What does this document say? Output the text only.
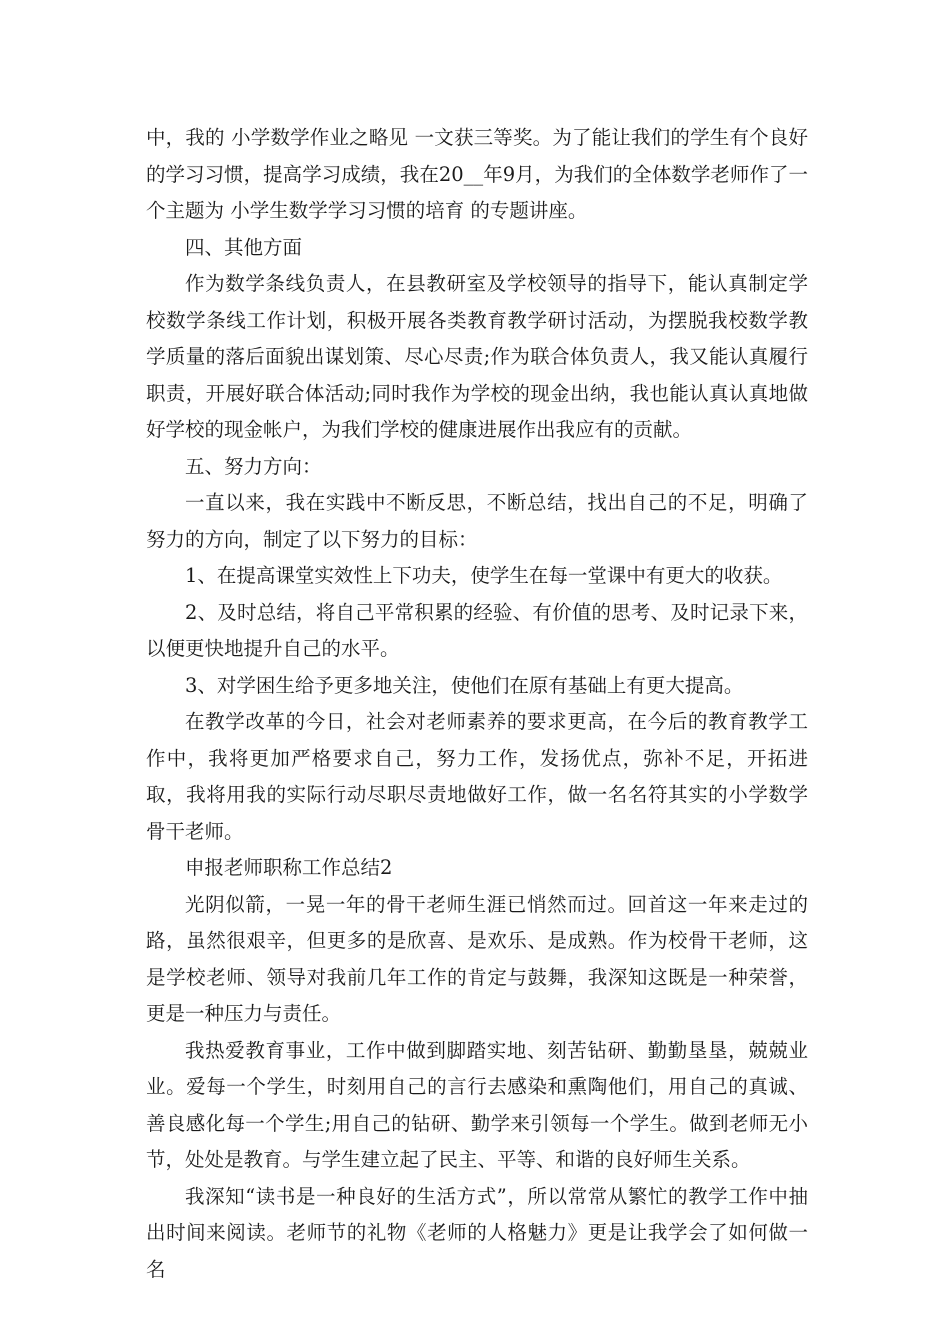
中，我的 小学数学作业之略见 一文获三等奖。为了能让我们的学生有个良好的学习习惯，提高学习成绩，我在20__年9月，为我们的全体数学老师作了一个主题为 小学生数学学习习惯的培育 的专题讲座。

四、其他方面

作为数学条线负责人，在县教研室及学校领导的指导下，能认真制定学校数学条线工作计划，积极开展各类教育教学研讨活动，为摆脱我校数学教学质量的落后面貌出谋划策、尽心尽责;作为联合体负责人，我又能认真履行职责，开展好联合体活动;同时我作为学校的现金出纳，我也能认真认真地做好学校的现金帐户，为我们学校的健康进展作出我应有的贡献。

五、努力方向：

一直以来，我在实践中不断反思，不断总结，找出自己的不足，明确了努力的方向，制定了以下努力的目标：

1、在提高课堂实效性上下功夫，使学生在每一堂课中有更大的收获。

2、及时总结，将自己平常积累的经验、有价值的思考、及时记录下来，以便更快地提升自己的水平。

3、对学困生给予更多地关注，使他们在原有基础上有更大提高。

在教学改革的今日，社会对老师素养的要求更高，在今后的教育教学工作中，我将更加严格要求自己，努力工作，发扬优点，弥补不足，开拓进取，我将用我的实际行动尽职尽责地做好工作，做一名名符其实的小学数学骨干老师。

申报老师职称工作总结2

光阴似箭，一晃一年的骨干老师生涯已悄然而过。回首这一年来走过的路，虽然很艰辛，但更多的是欣喜、是欢乐、是成熟。作为校骨干老师，这是学校老师、领导对我前几年工作的肯定与鼓舞，我深知这既是一种荣誉，更是一种压力与责任。

我热爱教育事业，工作中做到脚踏实地、刻苦钻研、勤勤垦垦，兢兢业业。爱每一个学生，时刻用自己的言行去感染和熏陶他们，用自己的真诚、善良感化每一个学生;用自己的钻研、勤学来引领每一个学生。做到老师无小节，处处是教育。与学生建立起了民主、平等、和谐的良好师生关系。

我深知“读书是一种良好的生活方式”，所以常常从繁忙的教学工作中抽出时间来阅读。老师节的礼物《老师的人格魅力》更是让我学会了如何做一名
